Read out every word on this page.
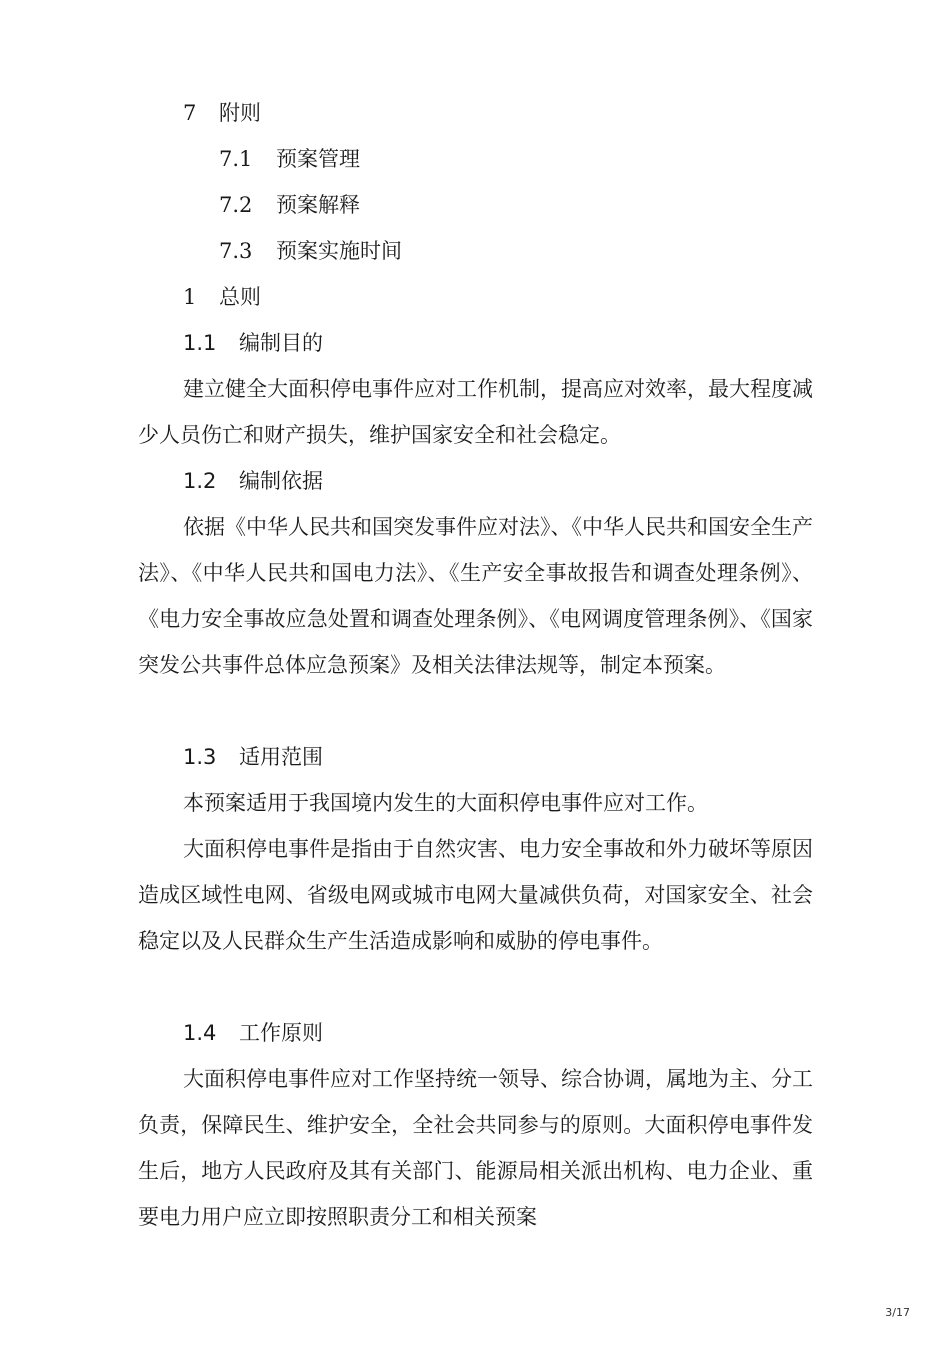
7 附则
7.1 预案管理
7.2 预案解释
7.3 预案实施时间
1 总则
1.1 编制目的

建立健全大面积停电事件应对工作机制，提高应对效率，最大程度减少人员伤亡和财产损失，维护国家安全和社会稳定。

1.2 编制依据

依据《中华人民共和国突发事件应对法》、《中华人民共和国安全生产法》、《中华人民共和国电力法》、《生产安全事故报告和调查处理条例》、《电力安全事故应急处置和调查处理条例》、《电网调度管理条例》、《国家突发公共事件总体应急预案》及相关法律法规等，制定本预案。

1.3 适用范围

本预案适用于我国境内发生的大面积停电事件应对工作。

大面积停电事件是指由于自然灾害、电力安全事故和外力破坏等原因造成区域性电网、省级电网或城市电网大量减供负荷，对国家安全、社会稳定以及人民群众生产生活造成影响和威胁的停电事件。

1.4 工作原则

大面积停电事件应对工作坚持统一领导、综合协调，属地为主、分工负责，保障民生、维护安全，全社会共同参与的原则。大面积停电事件发生后，地方人民政府及其有关部门、能源局相关派出机构、电力企业、重要电力用户应立即按照职责分工和相关预案

3/17
